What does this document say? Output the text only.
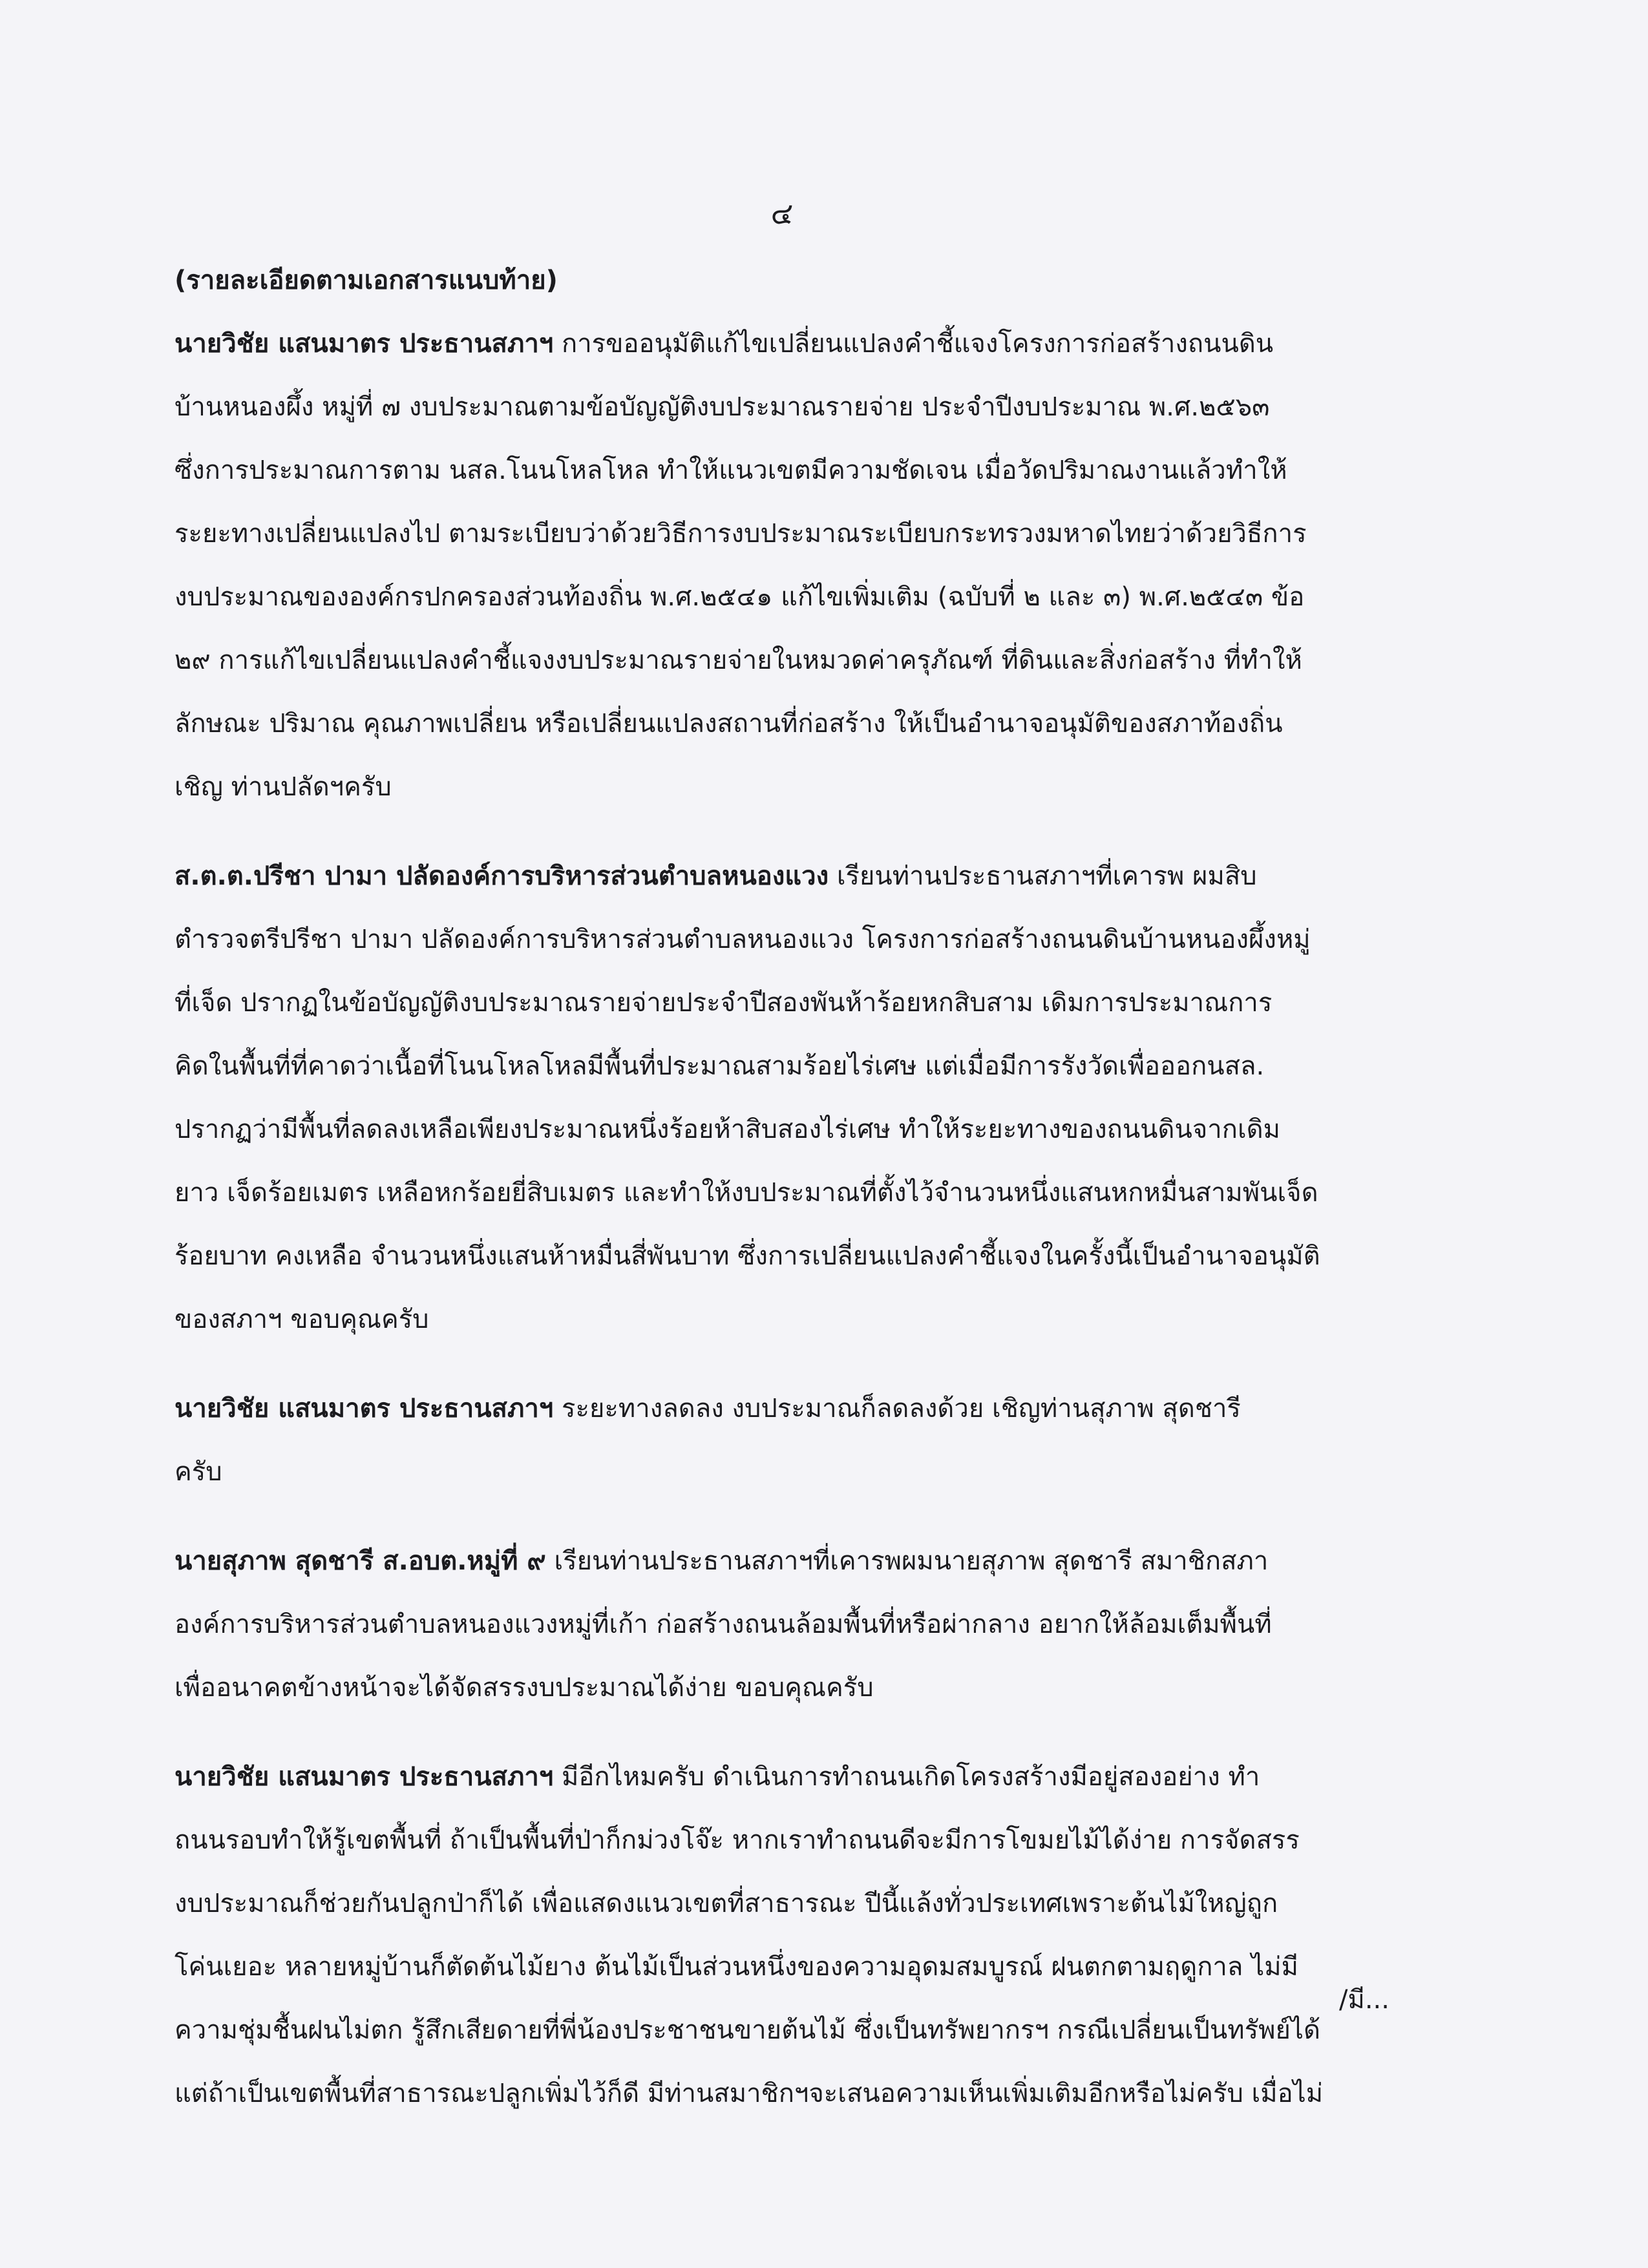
๔
(รายละเอียดตามเอกสารแนบท้าย)
นายวิชัย แสนมาตร ประธานสภาฯ การขออนุมัติแก้ไขเปลี่ยนแปลงคำชี้แจงโครงการก่อสร้างถนนดิน
บ้านหนองผึ้ง หมู่ที่ ๗ งบประมาณตามข้อบัญญัติงบประมาณรายจ่าย ประจำปีงบประมาณ พ.ศ.๒๕๖๓
ซึ่งการประมาณการตาม นสล.โนนโหลโหล ทำให้แนวเขตมีความชัดเจน เมื่อวัดปริมาณงานแล้วทำให้
ระยะทางเปลี่ยนแปลงไป ตามระเบียบว่าด้วยวิธีการงบประมาณระเบียบกระทรวงมหาดไทยว่าด้วยวิธีการ
งบประมาณขององค์กรปกครองส่วนท้องถิ่น พ.ศ.๒๕๔๑ แก้ไขเพิ่มเติม (ฉบับที่ ๒ และ ๓) พ.ศ.๒๕๔๓ ข้อ
๒๙ การแก้ไขเปลี่ยนแปลงคำชี้แจงงบประมาณรายจ่ายในหมวดค่าครุภัณฑ์ ที่ดินและสิ่งก่อสร้าง ที่ทำให้
ลักษณะ ปริมาณ คุณภาพเปลี่ยน หรือเปลี่ยนแปลงสถานที่ก่อสร้าง ให้เป็นอำนาจอนุมัติของสภาท้องถิ่น
เชิญ ท่านปลัดฯครับ
ส.ต.ต.ปรีชา ปามา ปลัดองค์การบริหารส่วนตำบลหนองแวง เรียนท่านประธานสภาฯที่เคารพ ผมสิบ
ตำรวจตรีปรีชา ปามา ปลัดองค์การบริหารส่วนตำบลหนองแวง โครงการก่อสร้างถนนดินบ้านหนองผึ้งหมู่
ที่เจ็ด ปรากฏในข้อบัญญัติงบประมาณรายจ่ายประจำปีสองพันห้าร้อยหกสิบสาม เดิมการประมาณการ
คิดในพื้นที่ที่คาดว่าเนื้อที่โนนโหลโหลมีพื้นที่ประมาณสามร้อยไร่เศษ แต่เมื่อมีการรังวัดเพื่อออกนสล.
ปรากฏว่ามีพื้นที่ลดลงเหลือเพียงประมาณหนึ่งร้อยห้าสิบสองไร่เศษ ทำให้ระยะทางของถนนดินจากเดิม
ยาว เจ็ดร้อยเมตร เหลือหกร้อยยี่สิบเมตร และทำให้งบประมาณที่ตั้งไว้จำนวนหนึ่งแสนหกหมื่นสามพันเจ็ด
ร้อยบาท คงเหลือ จำนวนหนึ่งแสนห้าหมื่นสี่พันบาท ซึ่งการเปลี่ยนแปลงคำชี้แจงในครั้งนี้เป็นอำนาจอนุมัติ
ของสภาฯ ขอบคุณครับ
นายวิชัย แสนมาตร ประธานสภาฯ ระยะทางลดลง งบประมาณก็ลดลงด้วย เชิญท่านสุภาพ สุดชารี
ครับ
นายสุภาพ สุดชารี ส.อบต.หมู่ที่ ๙ เรียนท่านประธานสภาฯที่เคารพผมนายสุภาพ สุดชารี สมาชิกสภา
องค์การบริหารส่วนตำบลหนองแวงหมู่ที่เก้า ก่อสร้างถนนล้อมพื้นที่หรือผ่ากลาง อยากให้ล้อมเต็มพื้นที่
เพื่ออนาคตข้างหน้าจะได้จัดสรรงบประมาณได้ง่าย ขอบคุณครับ
นายวิชัย แสนมาตร ประธานสภาฯ มีอีกไหมครับ ดำเนินการทำถนนเกิดโครงสร้างมีอยู่สองอย่าง ทำ
ถนนรอบทำให้รู้เขตพื้นที่ ถ้าเป็นพื้นที่ป่าก็กม่วงโจ๊ะ หากเราทำถนนดีจะมีการโขมยไม้ได้ง่าย การจัดสรร
งบประมาณก็ช่วยกันปลูกป่าก็ได้ เพื่อแสดงแนวเขตที่สาธารณะ ปีนี้แล้งทั่วประเทศเพราะต้นไม้ใหญ่ถูก
โค่นเยอะ หลายหมู่บ้านก็ตัดต้นไม้ยาง ต้นไม้เป็นส่วนหนึ่งของความอุดมสมบูรณ์ ฝนตกตามฤดูกาล ไม่มี
ความชุ่มชื้นฝนไม่ตก รู้สึกเสียดายที่พี่น้องประชาชนขายต้นไม้ ซึ่งเป็นทรัพยากรฯ กรณีเปลี่ยนเป็นทรัพย์ได้
แต่ถ้าเป็นเขตพื้นที่สาธารณะปลูกเพิ่มไว้ก็ดี มีท่านสมาชิกฯจะเสนอความเห็นเพิ่มเติมอีกหรือไม่ครับ เมื่อไม่
/มี...
